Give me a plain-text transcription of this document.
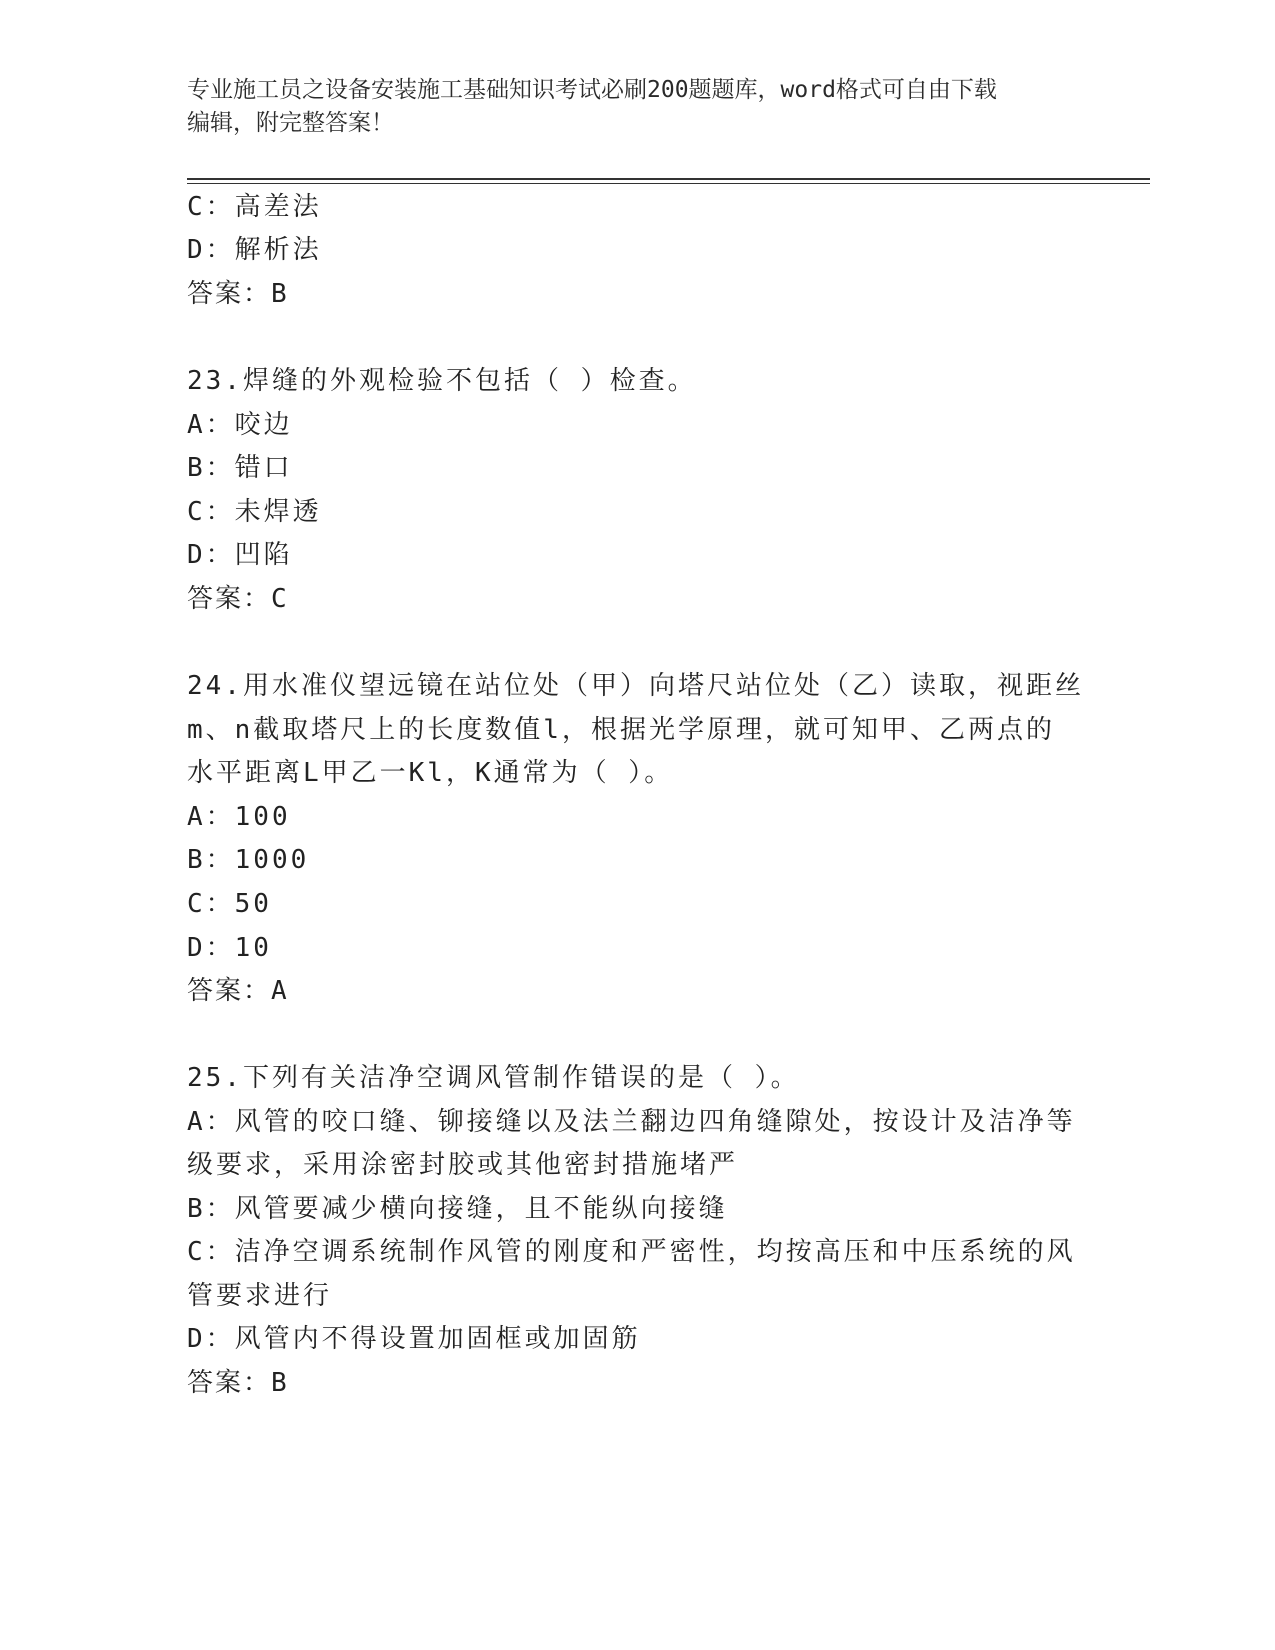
专业施工员之设备安装施工基础知识考试必刷200题题库，word格式可自由下载
编辑，附完整答案！
C：高差法
D：解析法
答案：B
23.焊缝的外观检验不包括（ ）检查。
A：咬边
B：错口
C：未焊透
D：凹陷
答案：C
24.用水准仪望远镜在站位处（甲）向塔尺站位处（乙）读取，视距丝
m、n截取塔尺上的长度数值l，根据光学原理，就可知甲、乙两点的
水平距离L甲乙一Kl，K通常为（ ）。
A：100
B：1000
C：50
D：10
答案：A
25.下列有关洁净空调风管制作错误的是（ ）。
A：风管的咬口缝、铆接缝以及法兰翻边四角缝隙处，按设计及洁净等
级要求，采用涂密封胶或其他密封措施堵严
B：风管要减少横向接缝，且不能纵向接缝
C：洁净空调系统制作风管的刚度和严密性，均按高压和中压系统的风
管要求进行
D：风管内不得设置加固框或加固筋
答案：B
